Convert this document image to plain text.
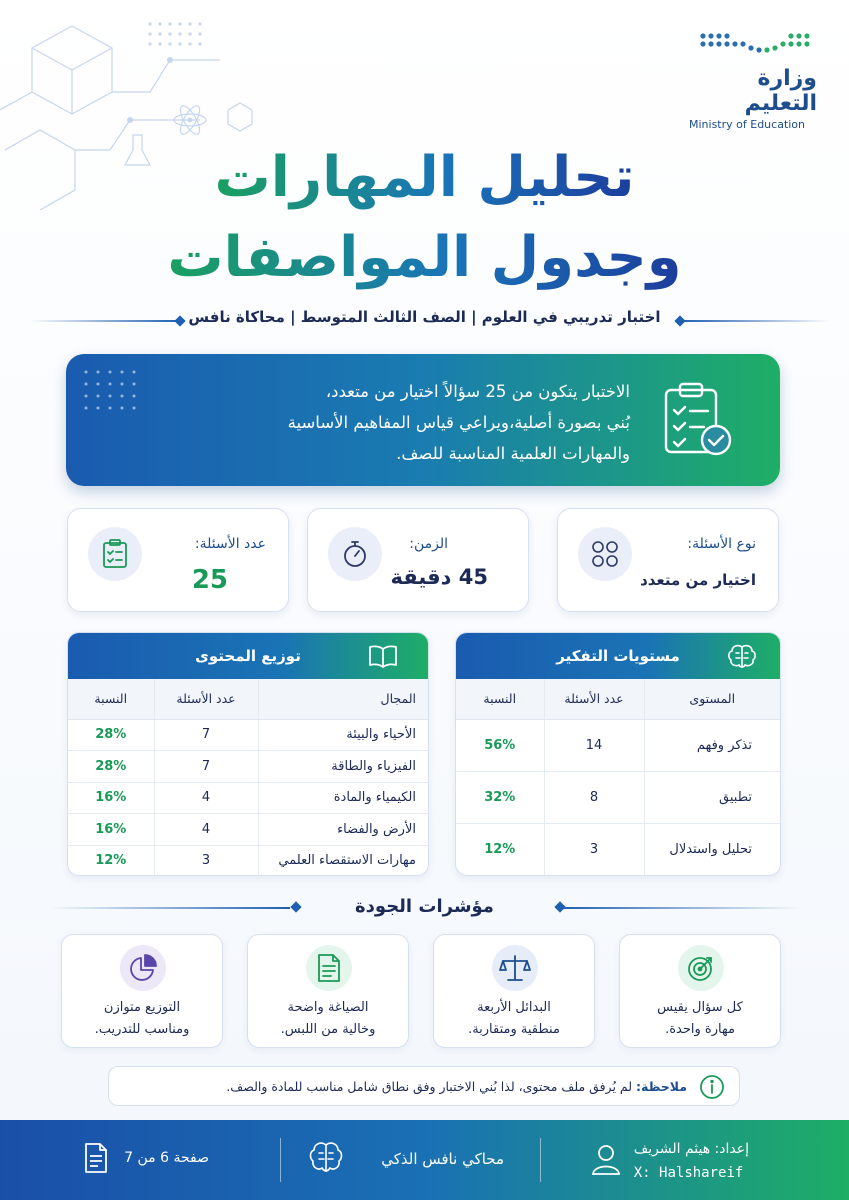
وزارة التعليم
Ministry of Education
تحليل المهارات
وجدول المواصفات
اختبار تدريبي في العلوم | الصف الثالث المتوسط | محاكاة نافس
الاختبار يتكون من 25 سؤالاً اختيار من متعدد،
بُني بصورة أصلية،ويراعي قياس المفاهيم الأساسية
والمهارات العلمية المناسبة للصف.
نوع الأسئلة:
اختيار من متعدد
الزمن:
45 دقيقة
عدد الأسئلة:
25
توزيع المحتوى
المجال	عدد الأسئلة	النسبة
الأحياء والبيئة	7	28%
الفيزياء والطاقة	7	28%
الكيمياء والمادة	4	16%
الأرض والفضاء	4	16%
مهارات الاستقصاء العلمي	3	12%
مستويات التفكير
المستوى	عدد الأسئلة	النسبة
تذكر وفهم	14	56%
تطبيق	8	32%
تحليل واستدلال	3	12%
مؤشرات الجودة
كل سؤال يقيس
مهارة واحدة.
البدائل الأربعة
منطقية ومتقاربة.
الصياغة واضحة
وخالية من اللبس.
التوزيع متوازن
ومناسب للتدريب.
ملاحظة: لم يُرفق ملف محتوى، لذا بُني الاختبار وفق نطاق شامل مناسب للمادة والصف.
إعداد: هيثم الشريف
X: Halshareif
محاكي نافس الذكي
صفحة 6 من 7
